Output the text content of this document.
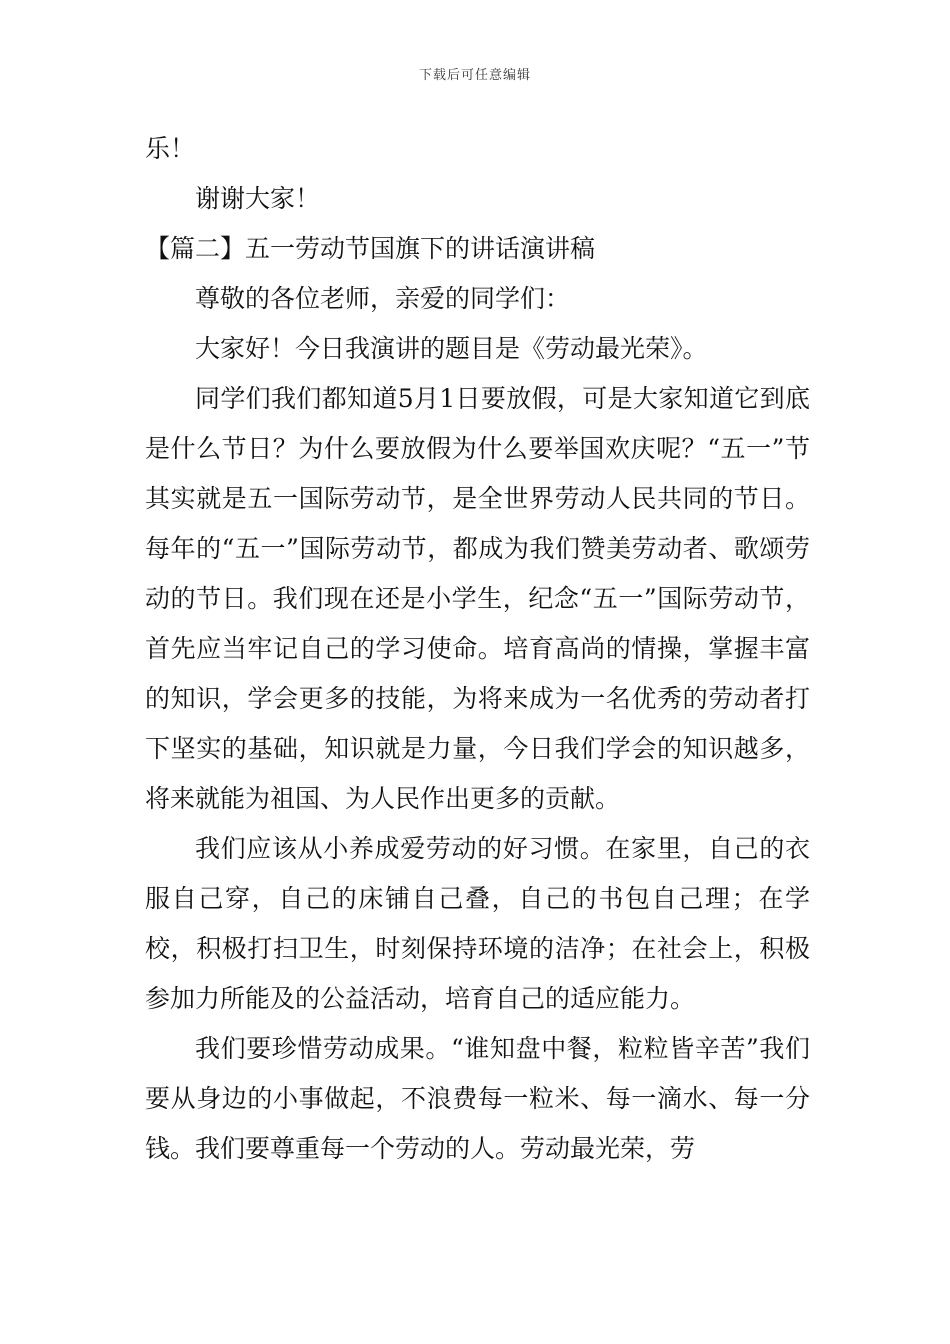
下载后可任意编辑

乐！

谢谢大家！

【篇二】五一劳动节国旗下的讲话演讲稿

尊敬的各位老师，亲爱的同学们：

大家好！今日我演讲的题目是《劳动最光荣》。

同学们我们都知道5月1日要放假，可是大家知道它到底是什么节日？为什么要放假为什么要举国欢庆呢？“五一”节其实就是五一国际劳动节，是全世界劳动人民共同的节日。每年的“五一”国际劳动节，都成为我们赞美劳动者、歌颂劳动的节日。我们现在还是小学生，纪念“五一”国际劳动节，首先应当牢记自己的学习使命。培育高尚的情操，掌握丰富的知识，学会更多的技能，为将来成为一名优秀的劳动者打下坚实的基础，知识就是力量，今日我们学会的知识越多，将来就能为祖国、为人民作出更多的贡献。

我们应该从小养成爱劳动的好习惯。在家里，自己的衣服自己穿，自己的床铺自己叠，自己的书包自己理；在学校，积极打扫卫生，时刻保持环境的洁净；在社会上，积极参加力所能及的公益活动，培育自己的适应能力。

我们要珍惜劳动成果。“谁知盘中餐，粒粒皆辛苦”我们要从身边的小事做起，不浪费每一粒米、每一滴水、每一分钱。我们要尊重每一个劳动的人。劳动最光荣，劳
